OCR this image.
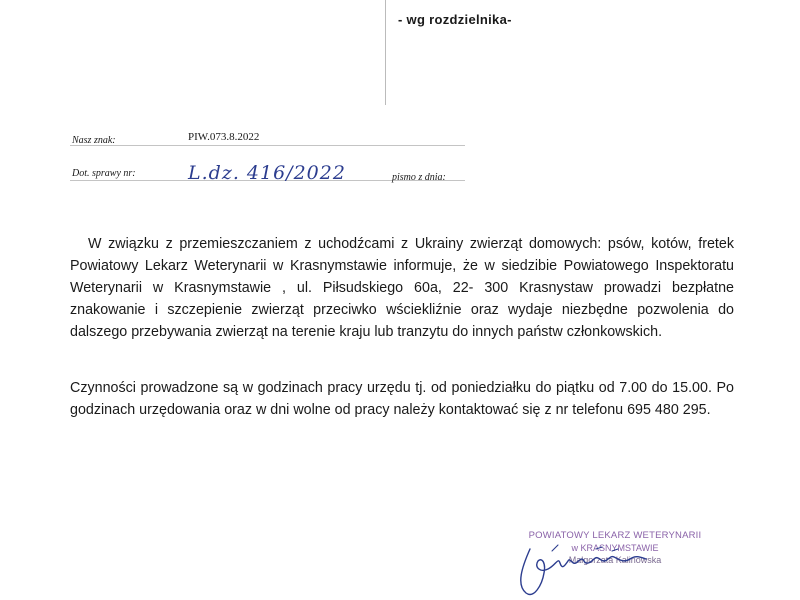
- wg rozdzielnika-
Nasz znak:	PIW.073.8.2022
Dot. sprawy nr:	L.dz. 416/2022	pismo z dnia:
W związku z przemieszczaniem z uchodźcami z Ukrainy zwierząt domowych: psów, kotów, fretek Powiatowy Lekarz Weterynarii w Krasnymstawie informuje, że w siedzibie Powiatowego Inspektoratu Weterynarii w Krasnymstawie , ul. Piłsudskiego 60a, 22- 300 Krasnystaw prowadzi bezpłatne znakowanie i szczepienie zwierząt przeciwko wściekliźnie oraz wydaje niezbędne pozwolenia do dalszego przebywania zwierząt na terenie kraju lub tranzytu do innych państw członkowskich.
Czynności prowadzone są w godzinach pracy urzędu tj. od poniedziałku do piątku od 7.00 do 15.00. Po godzinach urzędowania oraz w dni wolne od pracy należy kontaktować się z nr telefonu 695 480 295.
POWIATOWY LEKARZ WETERYNARII
w KRASNYMSTAWIE
Małgorzata Kalinowska
